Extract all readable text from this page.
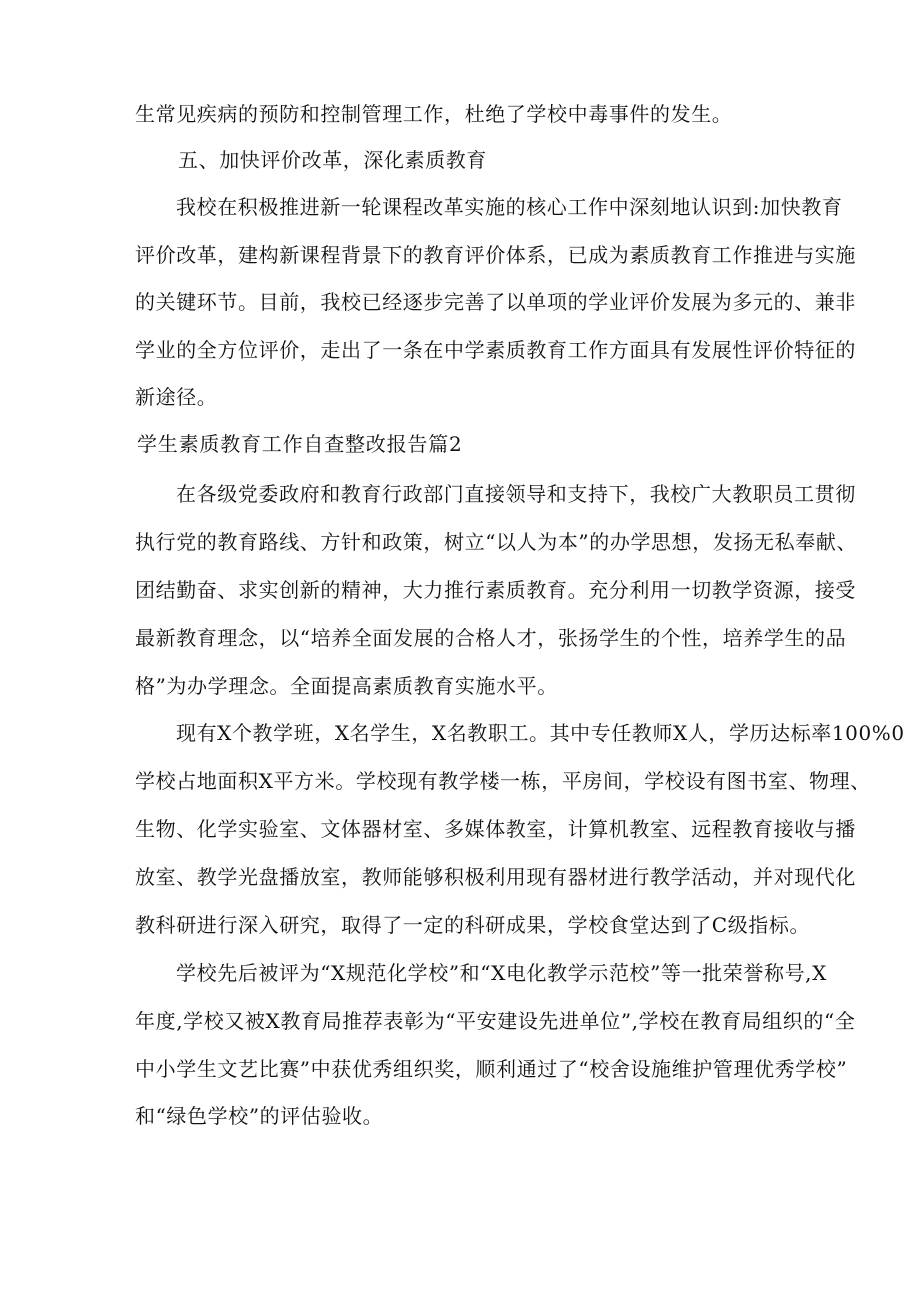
生常见疾病的预防和控制管理工作，杜绝了学校中毒事件的发生。

五、加快评价改革，深化素质教育

我校在积极推进新一轮课程改革实施的核心工作中深刻地认识到:加快教育

评价改革，建构新课程背景下的教育评价体系，已成为素质教育工作推进与实施

的关键环节。目前，我校已经逐步完善了以单项的学业评价发展为多元的、兼非

学业的全方位评价，走出了一条在中学素质教育工作方面具有发展性评价特征的

新途径。

学生素质教育工作自查整改报告篇2

在各级党委政府和教育行政部门直接领导和支持下，我校广大教职员工贯彻

执行党的教育路线、方针和政策，树立“以人为本”的办学思想，发扬无私奉献、

团结勤奋、求实创新的精神，大力推行素质教育。充分利用一切教学资源，接受

最新教育理念，以“培养全面发展的合格人才，张扬学生的个性，培养学生的品

格”为办学理念。全面提高素质教育实施水平。

现有X个教学班，X名学生，X名教职工。其中专任教师X人，学历达标率100%0

学校占地面积X平方米。学校现有教学楼一栋，平房间，学校设有图书室、物理、

生物、化学实验室、文体器材室、多媒体教室，计算机教室、远程教育接收与播

放室、教学光盘播放室，教师能够积极利用现有器材进行教学活动，并对现代化

教科研进行深入研究，取得了一定的科研成果，学校食堂达到了C级指标。

学校先后被评为“X规范化学校”和“X电化教学示范校”等一批荣誉称号,X

年度,学校又被X教育局推荐表彰为“平安建设先进单位”,学校在教育局组织的“全

中小学生文艺比赛”中获优秀组织奖，顺利通过了“校舍设施维护管理优秀学校”

和“绿色学校”的评估验收。
